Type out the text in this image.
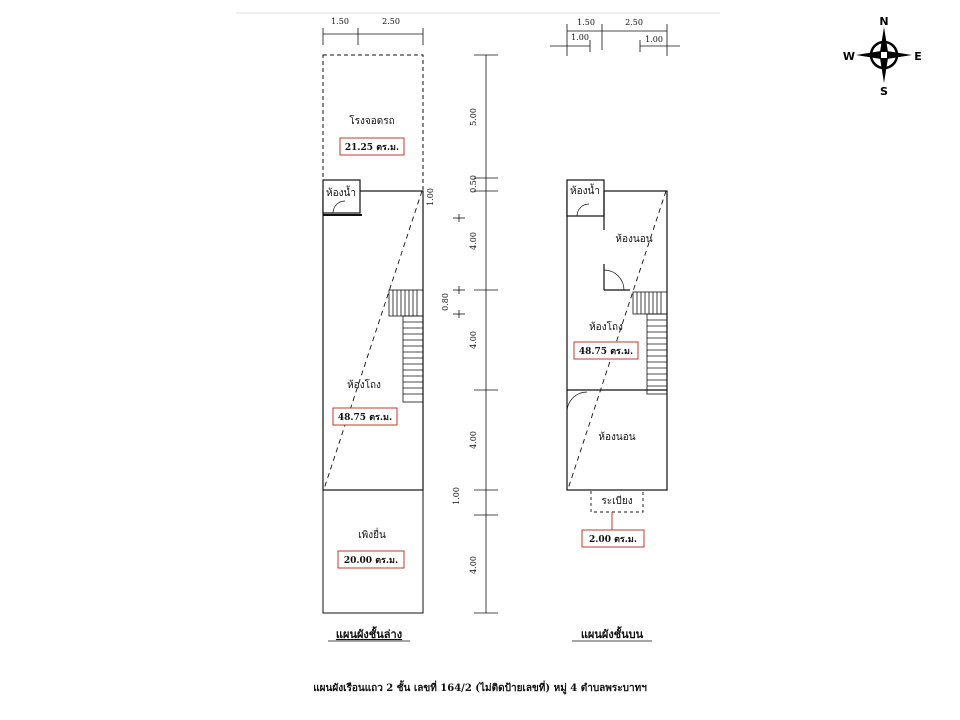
1.50	2.50
โรงจอดรถ
21.25 ตร.ม.
ห้องน้ำ
ห้องโถง
48.75 ตร.ม.
เพิงยื่น
20.00 ตร.ม.
5.00
0.50
4.00
0.80
4.00
4.00
1.00
4.00
1.00
แผนผังชั้นล่าง
1.50	2.50
1.00	1.00
ห้องน้ำ
ห้องนอน
ห้องโถง
48.75 ตร.ม.
ห้องนอน
ระเบียง
2.00 ตร.ม.
แผนผังชั้นบน
N
S
E
W
แผนผังเรือนแถว 2 ชั้น เลขที่ 164/2 (ไม่ติดป้ายเลขที่) หมู่ 4 ตำบลพระบาทฯ
